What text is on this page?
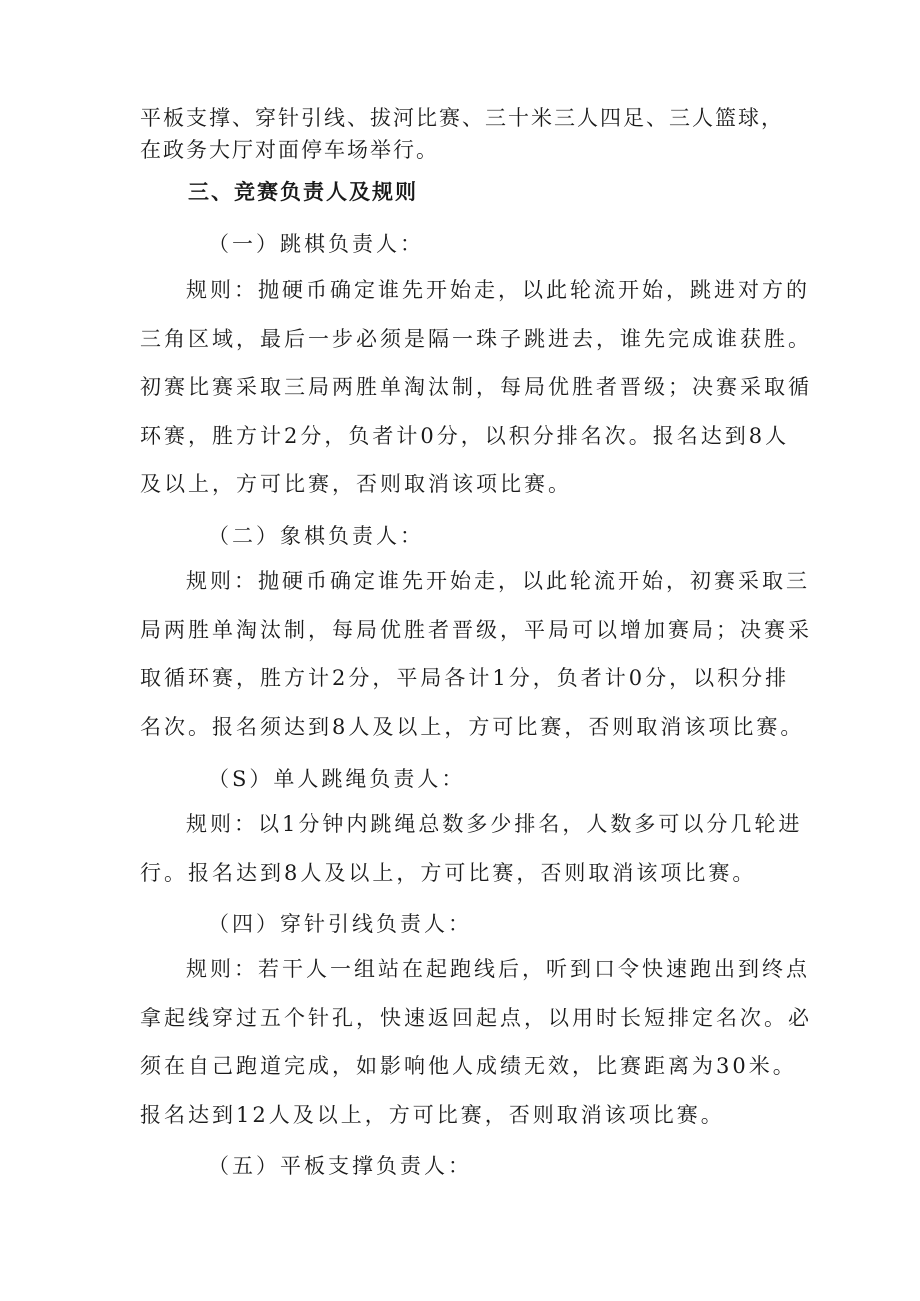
平板支撑、穿针引线、拔河比赛、三十米三人四足、三人篮球，
在政务大厅对面停车场举行。
三、竞赛负责人及规则
（一）跳棋负责人：
规则：抛硬币确定谁先开始走，以此轮流开始，跳进对方的
三角区域，最后一步必须是隔一珠子跳进去，谁先完成谁获胜。
初赛比赛采取三局两胜单淘汰制，每局优胜者晋级；决赛采取循
环赛，胜方计2分，负者计0分，以积分排名次。报名达到8人
及以上，方可比赛，否则取消该项比赛。
（二）象棋负责人：
规则：抛硬币确定谁先开始走，以此轮流开始，初赛采取三
局两胜单淘汰制，每局优胜者晋级，平局可以增加赛局；决赛采
取循环赛，胜方计2分，平局各计1分，负者计0分，以积分排
名次。报名须达到8人及以上，方可比赛，否则取消该项比赛。
（S）单人跳绳负责人：
规则：以1分钟内跳绳总数多少排名，人数多可以分几轮进
行。报名达到8人及以上，方可比赛，否则取消该项比赛。
（四）穿针引线负责人：
规则：若干人一组站在起跑线后，听到口令快速跑出到终点
拿起线穿过五个针孔，快速返回起点，以用时长短排定名次。必
须在自己跑道完成，如影响他人成绩无效，比赛距离为30米。
报名达到12人及以上，方可比赛，否则取消该项比赛。
（五）平板支撑负责人：
